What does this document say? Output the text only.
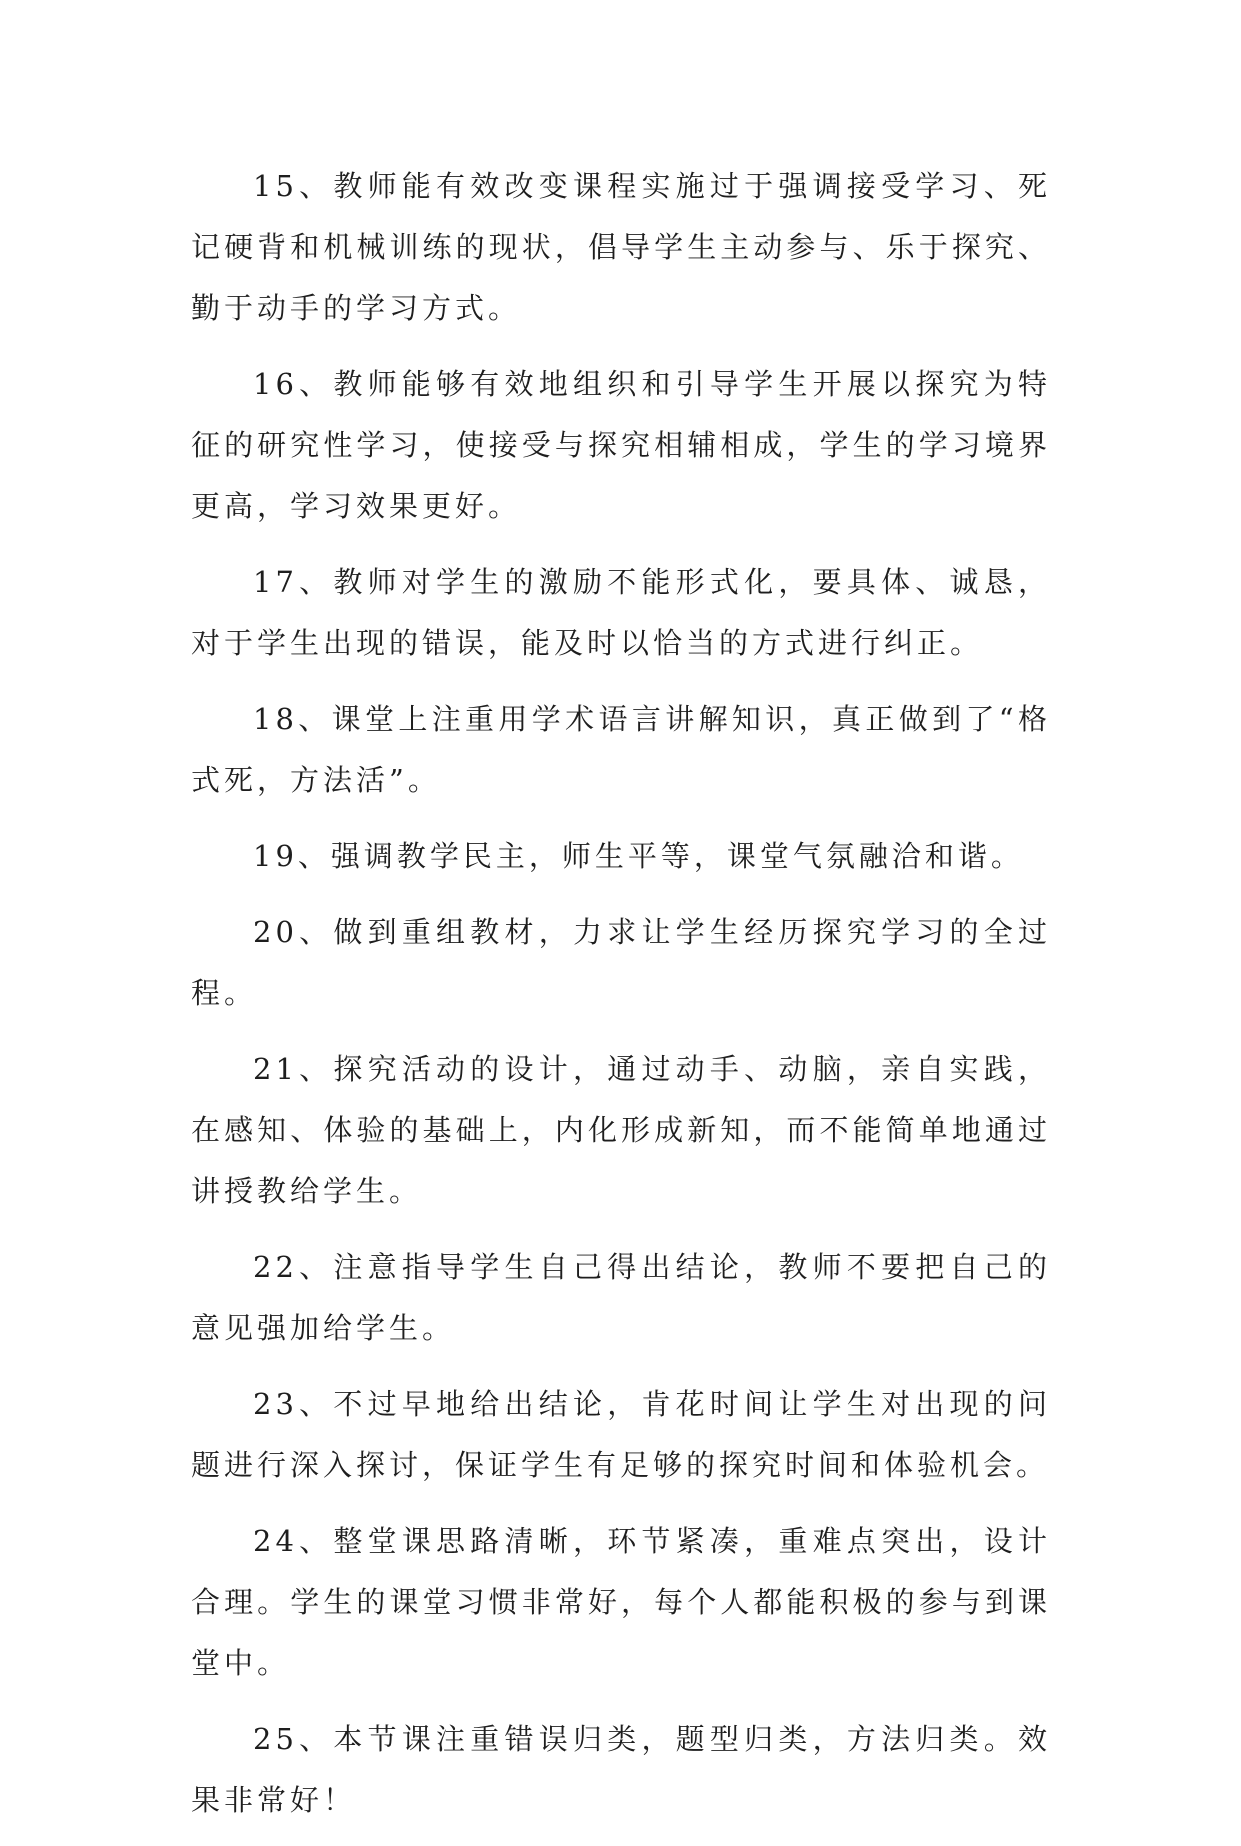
15、教师能有效改变课程实施过于强调接受学习、死记硬背和机械训练的现状，倡导学生主动参与、乐于探究、勤于动手的学习方式。

16、教师能够有效地组织和引导学生开展以探究为特征的研究性学习，使接受与探究相辅相成，学生的学习境界更高，学习效果更好。

17、教师对学生的激励不能形式化，要具体、诚恳，对于学生出现的错误，能及时以恰当的方式进行纠正。

18、课堂上注重用学术语言讲解知识，真正做到了“格式死，方法活”。

19、强调教学民主，师生平等，课堂气氛融洽和谐。

20、做到重组教材，力求让学生经历探究学习的全过程。

21、探究活动的设计，通过动手、动脑，亲自实践，在感知、体验的基础上，内化形成新知，而不能简单地通过讲授教给学生。

22、注意指导学生自己得出结论，教师不要把自己的意见强加给学生。

23、不过早地给出结论，肯花时间让学生对出现的问题进行深入探讨，保证学生有足够的探究时间和体验机会。

24、整堂课思路清晰，环节紧凑，重难点突出，设计合理。学生的课堂习惯非常好，每个人都能积极的参与到课堂中。

25、本节课注重错误归类，题型归类，方法归类。效果非常好！
